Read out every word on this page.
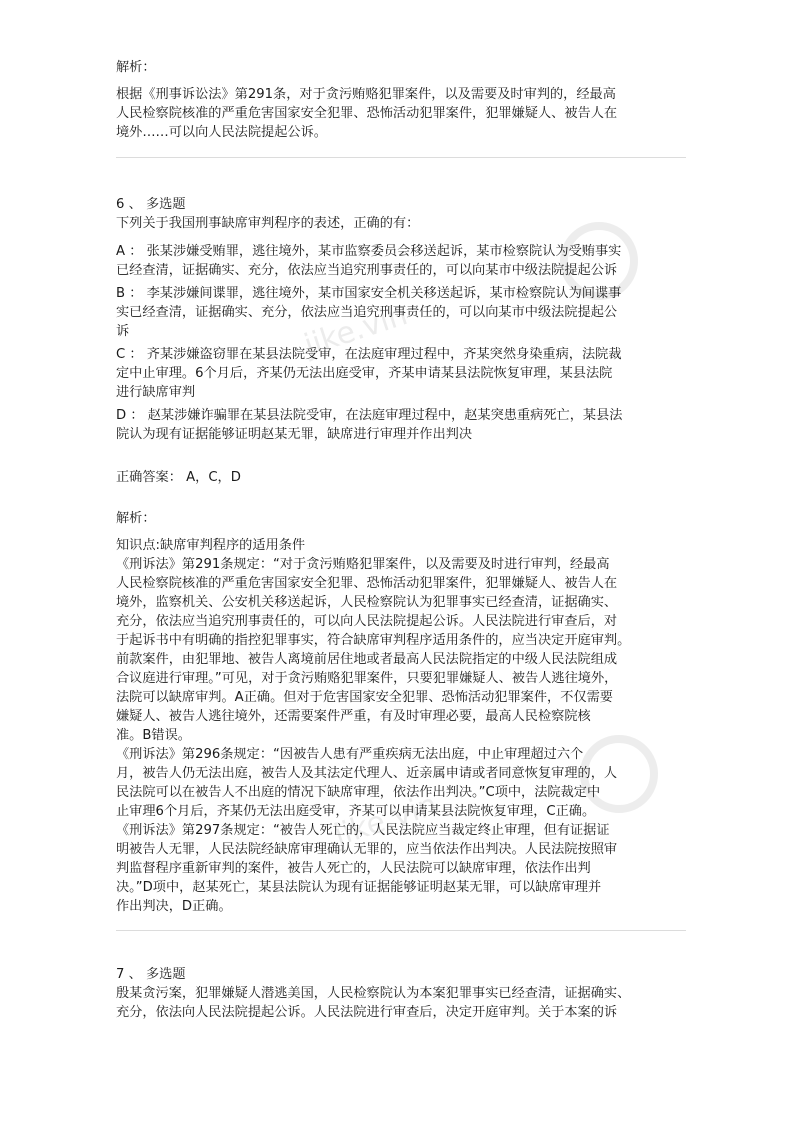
jike.vin
jike.vin
解析：
根据《刑事诉讼法》第291条，对于贪污贿赂犯罪案件，以及需要及时审判的，经最高
人民检察院核准的严重危害国家安全犯罪、恐怖活动犯罪案件，犯罪嫌疑人、被告人在
境外……可以向人民法院提起公诉。
6 、 多选题
下列关于我国刑事缺席审判程序的表述，正确的有：
A ： 张某涉嫌受贿罪，逃往境外，某市监察委员会移送起诉，某市检察院认为受贿事实
已经查清，证据确实、充分，依法应当追究刑事责任的，可以向某市中级法院提起公诉
B ： 李某涉嫌间谍罪，逃往境外，某市国家安全机关移送起诉，某市检察院认为间谍事
实已经查清，证据确实、充分，依法应当追究刑事责任的，可以向某市中级法院提起公
诉
C ： 齐某涉嫌盗窃罪在某县法院受审，在法庭审理过程中，齐某突然身染重病，法院裁
定中止审理。6个月后，齐某仍无法出庭受审，齐某申请某县法院恢复审理，某县法院
进行缺席审判
D ： 赵某涉嫌诈骗罪在某县法院受审，在法庭审理过程中，赵某突患重病死亡，某县法
院认为现有证据能够证明赵某无罪，缺席进行审理并作出判决
正确答案： A，C，D
解析：
知识点:缺席审判程序的适用条件
《刑诉法》第291条规定：“对于贪污贿赂犯罪案件，以及需要及时进行审判，经最高
人民检察院核准的严重危害国家安全犯罪、恐怖活动犯罪案件，犯罪嫌疑人、被告人在
境外，监察机关、公安机关移送起诉，人民检察院认为犯罪事实已经查清，证据确实、
充分，依法应当追究刑事责任的，可以向人民法院提起公诉。人民法院进行审查后，对
于起诉书中有明确的指控犯罪事实，符合缺席审判程序适用条件的，应当决定开庭审判。
前款案件，由犯罪地、被告人离境前居住地或者最高人民法院指定的中级人民法院组成
合议庭进行审理。”可见，对于贪污贿赂犯罪案件，只要犯罪嫌疑人、被告人逃往境外，
法院可以缺席审判。A正确。但对于危害国家安全犯罪、恐怖活动犯罪案件，不仅需要
嫌疑人、被告人逃往境外，还需要案件严重，有及时审理必要，最高人民检察院核
准。B错误。
《刑诉法》第296条规定：“因被告人患有严重疾病无法出庭，中止审理超过六个
月，被告人仍无法出庭，被告人及其法定代理人、近亲属申请或者同意恢复审理的，人
民法院可以在被告人不出庭的情况下缺席审理，依法作出判决。”C项中，法院裁定中
止审理6个月后，齐某仍无法出庭受审，齐某可以申请某县法院恢复审理，C正确。
《刑诉法》第297条规定：“被告人死亡的，人民法院应当裁定终止审理，但有证据证
明被告人无罪，人民法院经缺席审理确认无罪的，应当依法作出判决。人民法院按照审
判监督程序重新审判的案件，被告人死亡的，人民法院可以缺席审理，依法作出判
决。”D项中，赵某死亡，某县法院认为现有证据能够证明赵某无罪，可以缺席审理并
作出判决，D正确。
7 、 多选题
殷某贪污案，犯罪嫌疑人潜逃美国，人民检察院认为本案犯罪事实已经查清，证据确实、
充分，依法向人民法院提起公诉。人民法院进行审查后，决定开庭审判。关于本案的诉
